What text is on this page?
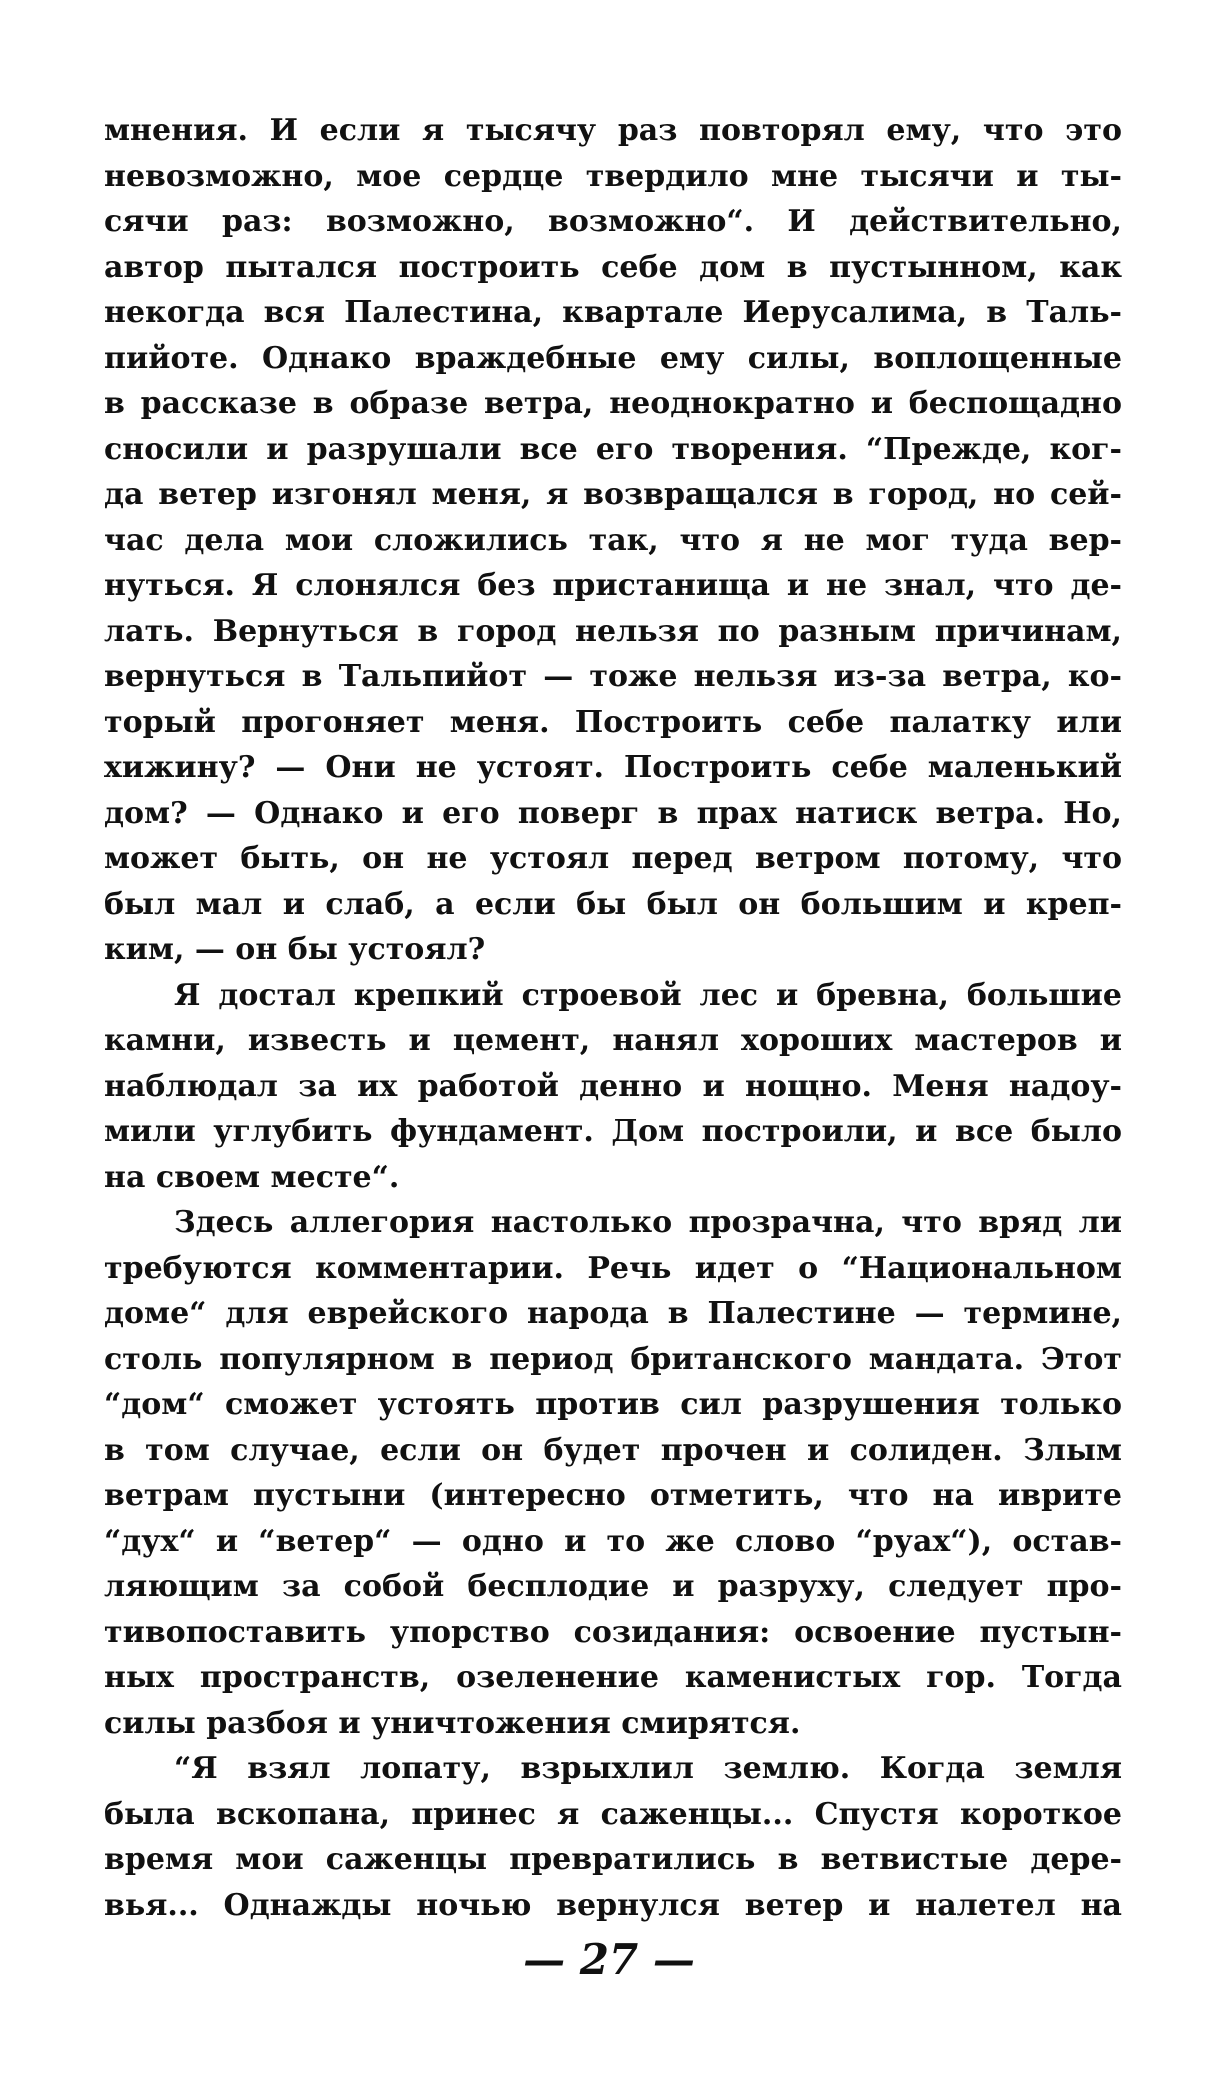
мнения. И если я тысячу раз повторял ему, что это
невозможно, мое сердце твердило мне тысячи и ты-
сячи раз: возможно, возможно“. И действительно,
автор пытался построить себе дом в пустынном, как
некогда вся Палестина, квартале Иерусалима, в Таль-
пийоте. Однако враждебные ему силы, воплощенные
в рассказе в образе ветра, неоднократно и беспощадно
сносили и разрушали все его творения. “Прежде, ког-
да ветер изгонял меня, я возвращался в город, но сей-
час дела мои сложились так, что я не мог туда вер-
нуться. Я слонялся без пристанища и не знал, что де-
лать. Вернуться в город нельзя по разным причинам,
вернуться в Тальпийот — тоже нельзя из-за ветра, ко-
торый прогоняет меня. Построить себе палатку или
хижину? — Они не устоят. Построить себе маленький
дом? — Однако и его поверг в прах натиск ветра. Но,
может быть, он не устоял перед ветром потому, что
был мал и слаб, а если бы был он большим и креп-
ким, — он бы устоял?
Я достал крепкий строевой лес и бревна, большие
камни, известь и цемент, нанял хороших мастеров и
наблюдал за их работой денно и нощно. Меня надоу-
мили углубить фундамент. Дом построили, и все было
на своем месте“.
Здесь аллегория настолько прозрачна, что вряд ли
требуются комментарии. Речь идет о “Национальном
доме“ для еврейского народа в Палестине — термине,
столь популярном в период британского мандата. Этот
“дом“ сможет устоять против сил разрушения только
в том случае, если он будет прочен и солиден. Злым
ветрам пустыни (интересно отметить, что на иврите
“дух“ и “ветер“ — одно и то же слово “руах“), остав-
ляющим за собой бесплодие и разруху, следует про-
тивопоставить упорство созидания: освоение пустын-
ных пространств, озеленение каменистых гор. Тогда
силы разбоя и уничтожения смирятся.
“Я взял лопату, взрыхлил землю. Когда земля
была вскопана, принес я саженцы... Спустя короткое
время мои саженцы превратились в ветвистые дере-
вья... Однажды ночью вернулся ветер и налетел на
— 27 —
